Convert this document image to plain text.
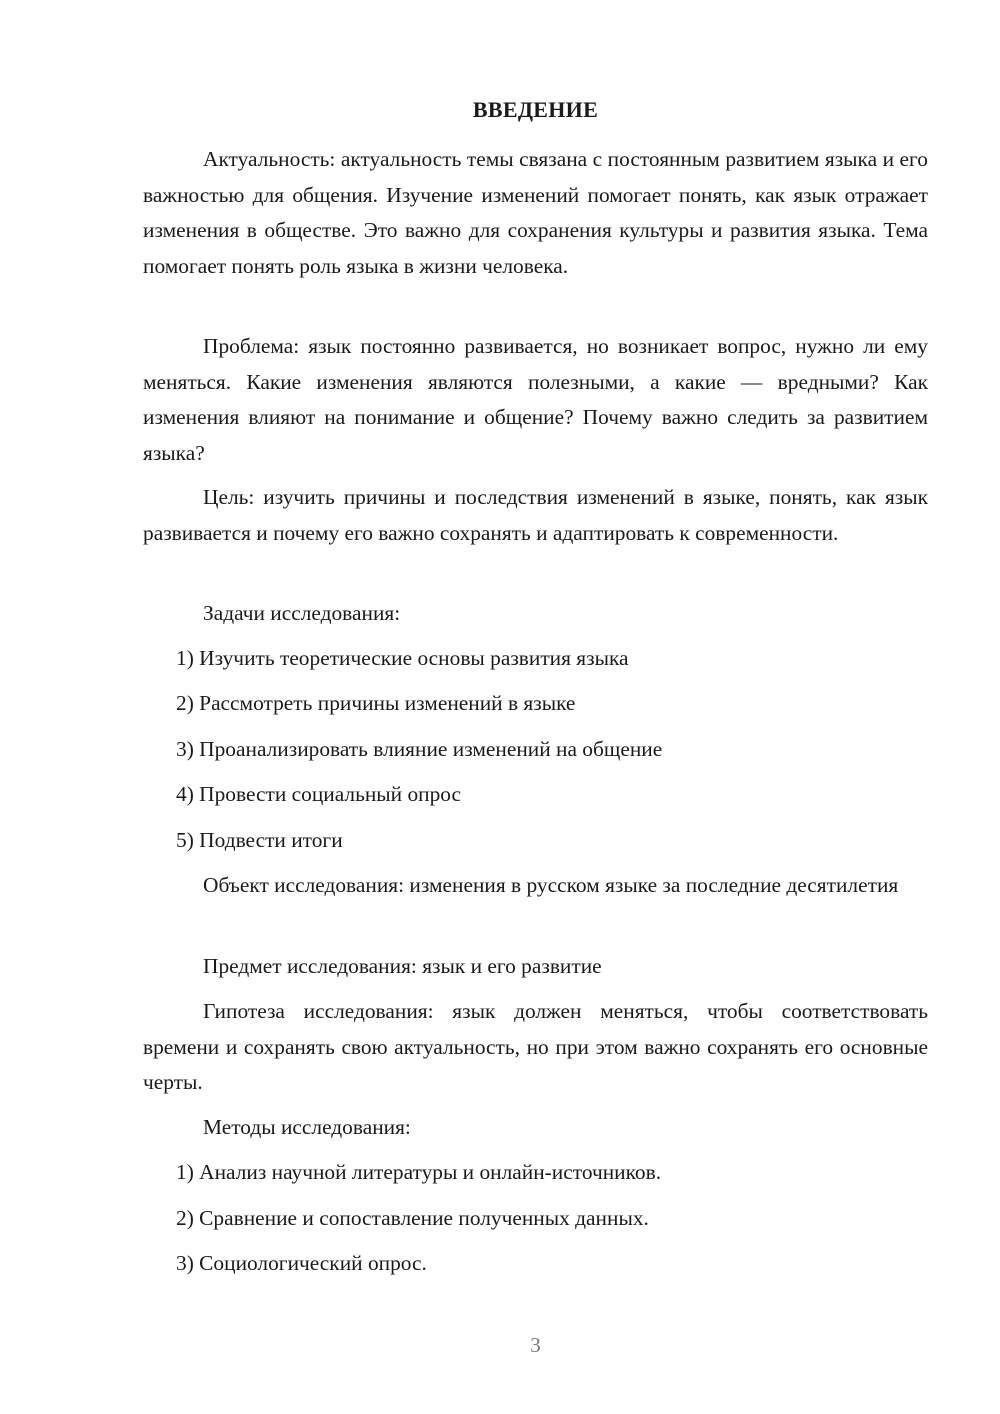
ВВЕДЕНИЕ

Актуальность: актуальность темы связана с постоянным развитием языка и его важностью для общения. Изучение изменений помогает понять, как язык отражает изменения в обществе. Это важно для сохранения культуры и развития языка. Тема помогает понять роль языка в жизни человека.

Проблема: язык постоянно развивается, но возникает вопрос, нужно ли ему меняться. Какие изменения являются полезными, а какие — вредными? Как изменения влияют на понимание и общение? Почему важно следить за развитием языка?

Цель: изучить причины и последствия изменений в языке, понять, как язык развивается и почему его важно сохранять и адаптировать к современности.

Задачи исследования:

1) Изучить теоретические основы развития языка

2) Рассмотреть причины изменений в языке

3) Проанализировать влияние изменений на общение

4) Провести социальный опрос

5) Подвести итоги

Объект исследования: изменения в русском языке за последние десятилетия

Предмет исследования: язык и его развитие

Гипотеза исследования: язык должен меняться, чтобы соответствовать времени и сохранять свою актуальность, но при этом важно сохранять его основные черты.

Методы исследования:

1) Анализ научной литературы и онлайн-источников.

2) Сравнение и сопоставление полученных данных.

3) Социологический опрос.

3
